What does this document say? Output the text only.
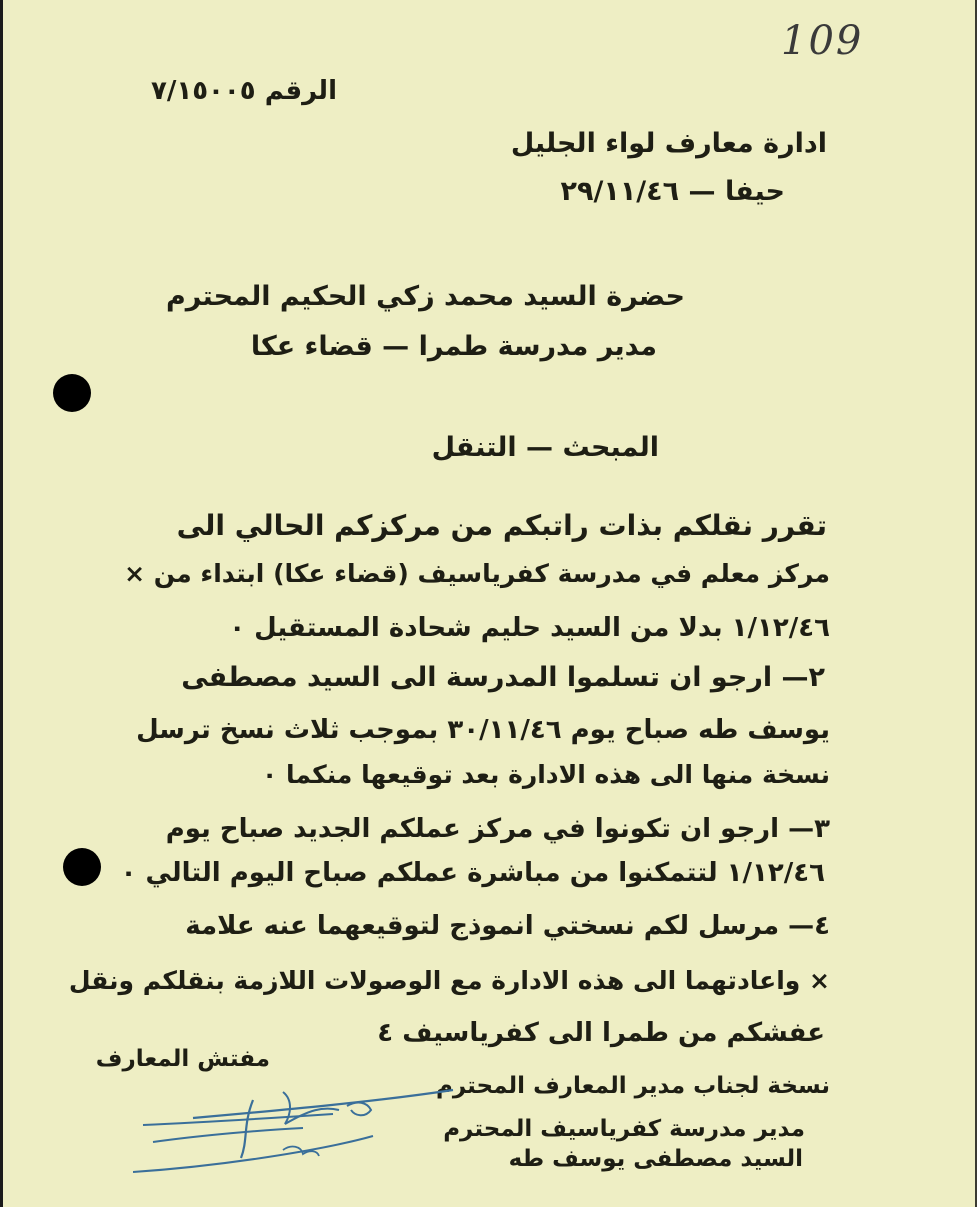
109
الرقم ٧/١٥٠٠٥
ادارة معارف لواء الجليل
حيفا — ٢٩/١١/٤٦
حضرة السيد محمد زكي الحكيم المحترم
مدير مدرسة طمرا — قضاء عكا
المبحث — التنقل
تقرر نقلكم بذات راتبكم من مركزكم الحالي الى
مركز معلم في مدرسة كفرياسيف (قضاء عكا) ابتداء من ×
١/١٢/٤٦ بدلا من السيد حليم شحادة المستقيل ٠
٢— ارجو ان تسلموا المدرسة الى السيد مصطفى
يوسف طه صباح يوم ٣٠/١١/٤٦ بموجب ثلاث نسخ ترسل
نسخة منها الى هذه الادارة بعد توقيعها منكما ٠
٣— ارجو ان تكونوا في مركز عملكم الجديد صباح يوم
١/١٢/٤٦ لتتمكنوا من مباشرة عملكم صباح اليوم التالي ٠
٤— مرسل لكم نسختي انموذج لتوقيعهما عنه علامة
× واعادتهما الى هذه الادارة مع الوصولات اللازمة بنقلكم ونقل
عفشكم من طمرا الى كفرياسيف ٤
مفتش المعارف
نسخة لجناب مدير المعارف المحترم
مدير مدرسة كفرياسيف المحترم
السيد مصطفى يوسف طه
